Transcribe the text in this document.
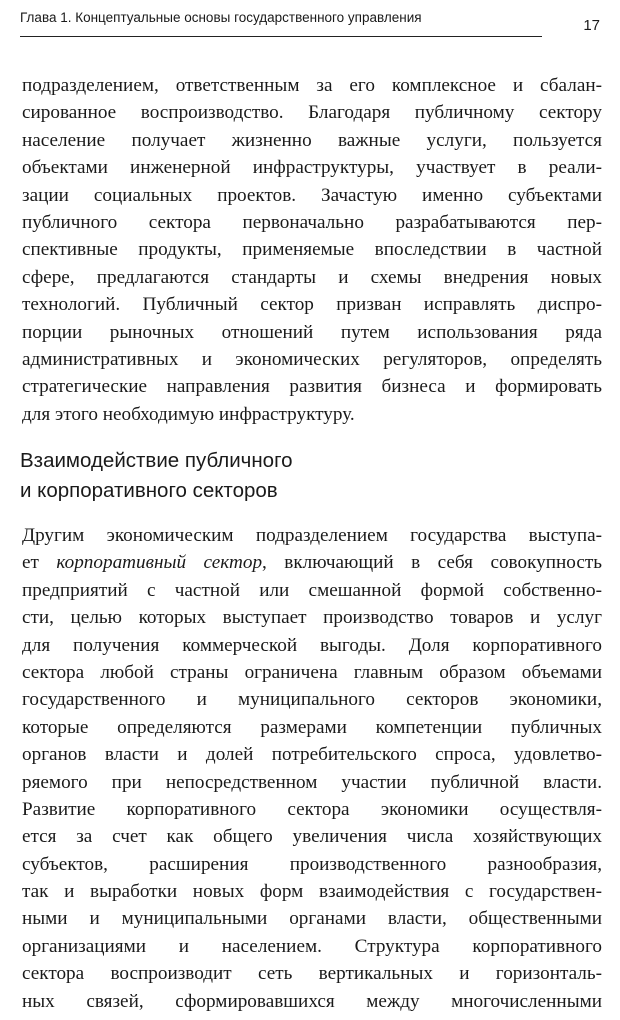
Глава 1. Концептуальные основы государственного управления	17
подразделением, ответственным за его комплексное и сбалан-
сированное воспроизводство. Благодаря публичному сектору
население получает жизненно важные услуги, пользуется
объектами инженерной инфраструктуры, участвует в реали-
зации социальных проектов. Зачастую именно субъектами
публичного сектора первоначально разрабатываются пер-
спективные продукты, применяемые впоследствии в частной
сфере, предлагаются стандарты и схемы внедрения новых
технологий. Публичный сектор призван исправлять диспро-
порции рыночных отношений путем использования ряда
административных и экономических регуляторов, определять
стратегические направления развития бизнеса и формировать
для этого необходимую инфраструктуру.
Взаимодействие публичного
и корпоративного секторов
Другим экономическим подразделением государства выступа-
ет корпоративный сектор, включающий в себя совокупность
предприятий с частной или смешанной формой собственно-
сти, целью которых выступает производство товаров и услуг
для получения коммерческой выгоды. Доля корпоративного
сектора любой страны ограничена главным образом объемами
государственного и муниципального секторов экономики,
которые определяются размерами компетенции публичных
органов власти и долей потребительского спроса, удовлетво-
ряемого при непосредственном участии публичной власти.
Развитие корпоративного сектора экономики осуществля-
ется за счет как общего увеличения числа хозяйствующих
субъектов, расширения производственного разнообразия,
так и выработки новых форм взаимодействия с государствен-
ными и муниципальными органами власти, общественными
организациями и населением. Структура корпоративного
сектора воспроизводит сеть вертикальных и горизонталь-
ных связей, сформировавшихся между многочисленными
